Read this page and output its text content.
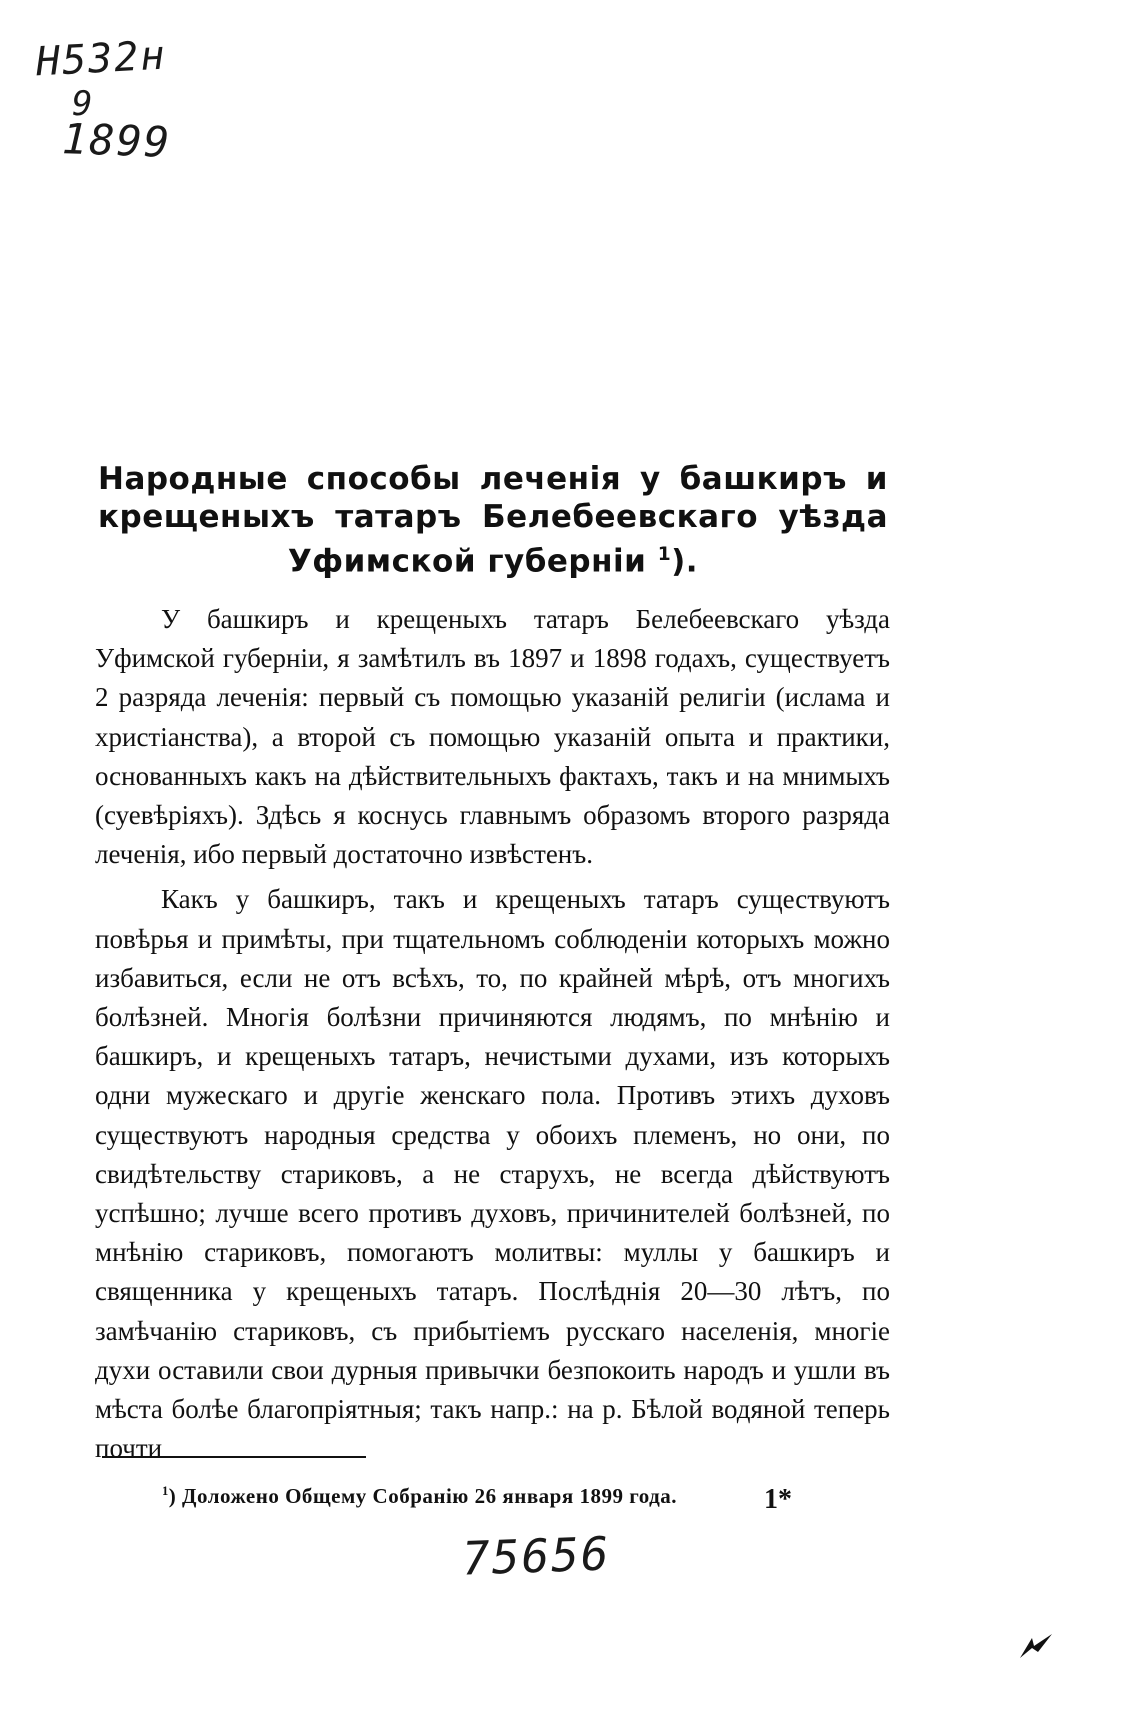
Н532н
9
1899
Народные способы леченія у башкиръ и крещеныхъ татаръ Белебеевскаго уѣзда Уфимской губерніи $^1$).

У башкиръ и крещеныхъ татаръ Белебеевскаго уѣзда Уфимской губерніи, я замѣтилъ въ 1897 и 1898 годахъ, существуетъ 2 разряда леченія: первый съ помощью указаній религіи (ислама и христіанства), а второй съ помощью указаній опыта и практики, основанныхъ какъ на дѣйствительныхъ фактахъ, такъ и на мнимыхъ (суевѣріяхъ). Здѣсь я коснусь главнымъ образомъ второго разряда леченія, ибо первый достаточно извѣстенъ.

Какъ у башкиръ, такъ и крещеныхъ татаръ существуютъ повѣрья и примѣты, при тщательномъ соблюденіи которыхъ можно избавиться, если не отъ всѣхъ, то, по крайней мѣрѣ, отъ многихъ болѣзней. Многія болѣзни причиняются людямъ, по мнѣнію и башкиръ, и крещеныхъ татаръ, нечистыми духами, изъ которыхъ одни мужескаго и другіе женскаго пола. Противъ этихъ духовъ существуютъ народныя средства у обоихъ племенъ, но они, по свидѣтельству стариковъ, а не старухъ, не всегда дѣйствуютъ успѣшно; лучше всего противъ духовъ, причинителей болѣзней, по мнѣнію стариковъ, помогаютъ молитвы: муллы у башкиръ и священника у крещеныхъ татаръ. Послѣднія 20—30 лѣтъ, по замѣчанію стариковъ, съ прибытіемъ русскаго населенія, многіе духи оставили свои дурныя привычки безпокоить народъ и ушли въ мѣста болѣе благопріятныя; такъ напр.: на р. Бѣлой водяной теперь почти

$^1$) Доложено Общему Собранію 26 января 1899 года.	1*
75656
